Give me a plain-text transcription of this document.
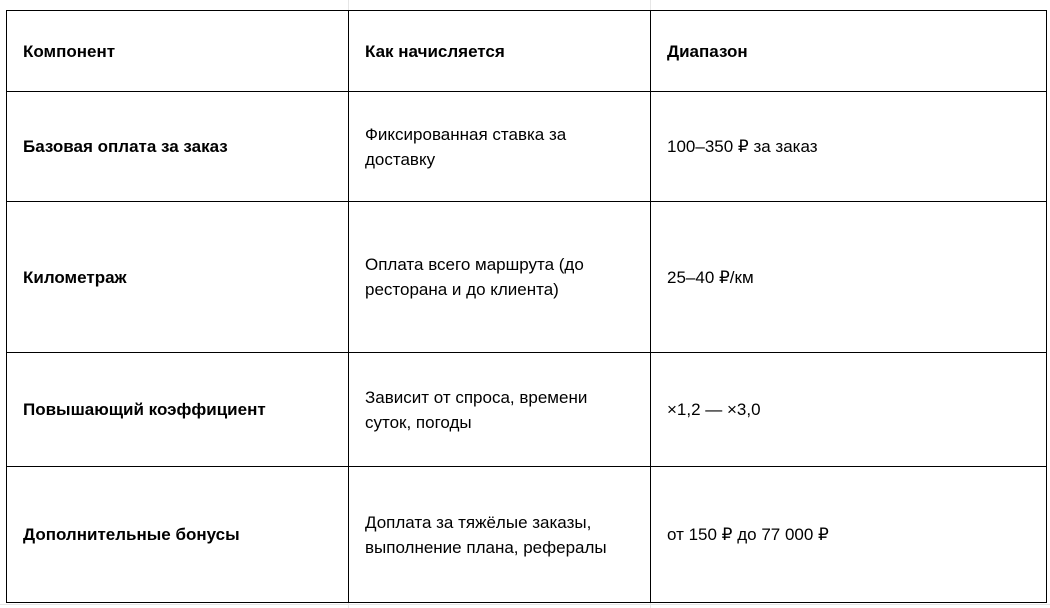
Компонент	Как начисляется	Диапазон
Базовая оплата за заказ	Фиксированная ставка за доставку	100–350 ₽ за заказ
Километраж	Оплата всего маршрута (до ресторана и до клиента)	25–40 ₽/км
Повышающий коэффициент	Зависит от спроса, времени суток, погоды	×1,2 — ×3,0
Дополнительные бонусы	Доплата за тяжёлые заказы, выполнение плана, рефералы	от 150 ₽ до 77 000 ₽
